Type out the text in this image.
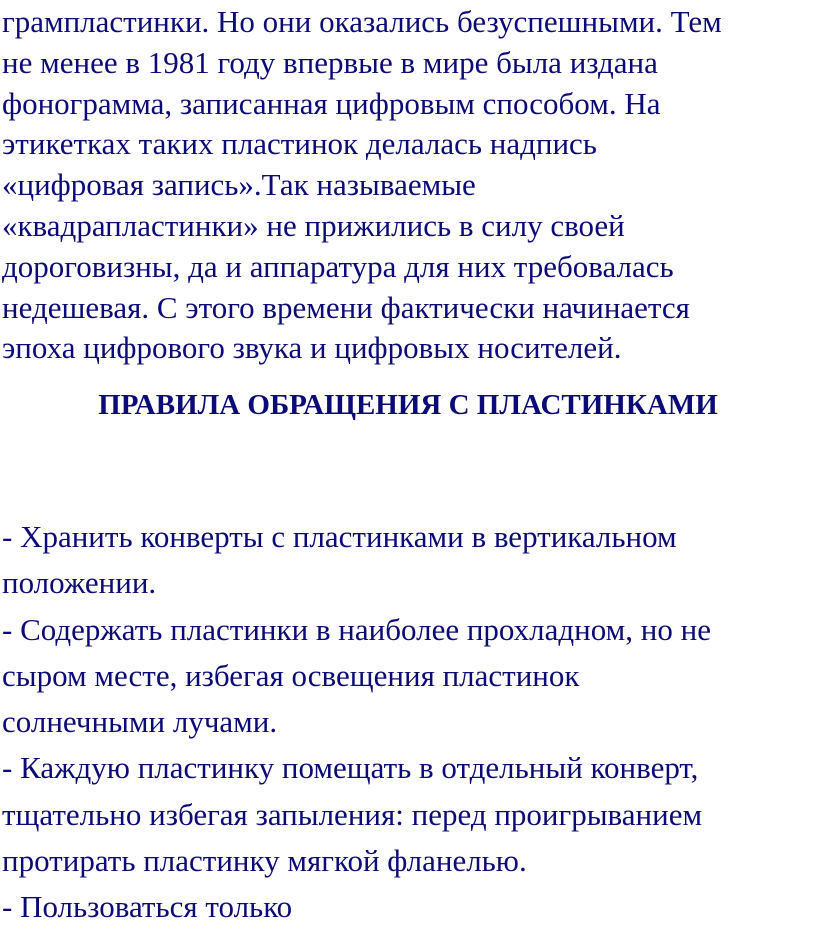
грампластинки. Но они оказались безуспешными. Тем
не менее в 1981 году впервые в мире была издана
фонограмма, записанная цифровым способом. На
этикетках таких пластинок делалась надпись
«цифровая запись».Так называемые
«квадрапластинки» не прижились в силу своей
дороговизны, да и аппаратура для них требовалась
недешевая. С этого времени фактически начинается
эпоха цифрового звука и цифровых носителей.

ПРАВИЛА ОБРАЩЕНИЯ С ПЛАСТИНКАМИ

- Хранить конверты с пластинками в вертикальном
положении.
- Содержать пластинки в наиболее прохладном, но не
сыром месте, избегая освещения пластинок
солнечными лучами.
- Каждую пластинку помещать в отдельный конверт,
тщательно избегая запыления: перед проигрыванием
протирать пластинку мягкой фланелью.
- Пользоваться только
